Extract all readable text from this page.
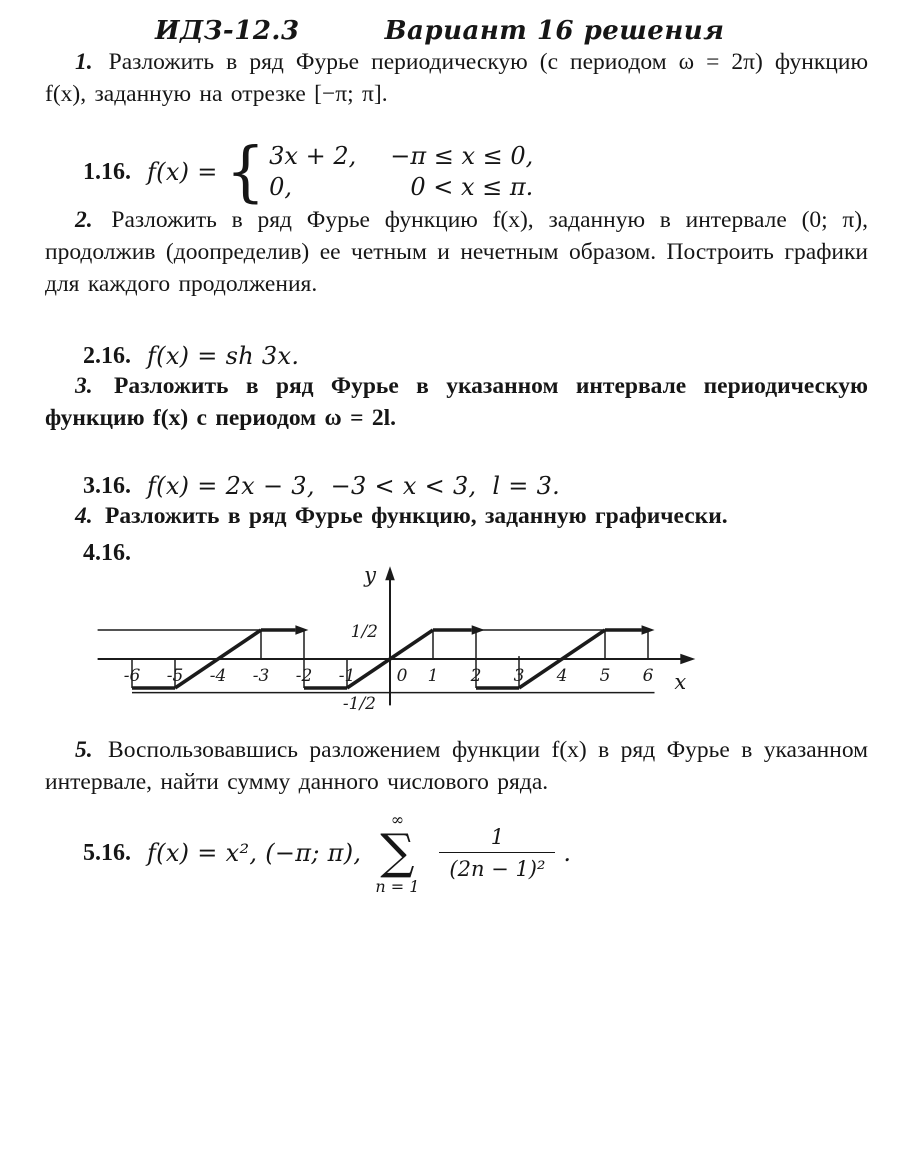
ИДЗ-12.3	Вариант 16 решения

1. Разложить в ряд Фурье периодическую (с периодом ω = 2π) функцию f(x), заданную на отрезке [−π; π].

1.16. f(x) = { 3x + 2, −π ≤ x ≤ 0,
0,	0 < x ≤ π.

2. Разложить в ряд Фурье функцию f(x), заданную в интервале (0; π), продолжив (доопределив) ее четным и нечетным образом. Построить графики для каждого продолжения.

2.16. f(x) = sh 3x.

3. Разложить в ряд Фурье в указанном интервале периодическую функцию f(x) с периодом ω = 2l.

3.16. f(x) = 2x − 3,  −3 < x < 3,  l = 3.

4. Разложить в ряд Фурье функцию, заданную графически.

4.16.
-6 -5 -4 -3 -2 -1 0 1 2 3 4 5 6
1/2
-1/2
y
x

5. Воспользовавшись разложением функции f(x) в ряд Фурье в указанном интервале, найти сумму данного числового ряда.

5.16. f(x) = x², (−π; π),
∞
∑
n = 1
$\frac{1}{\text{(2n − 1)²}}$ .
